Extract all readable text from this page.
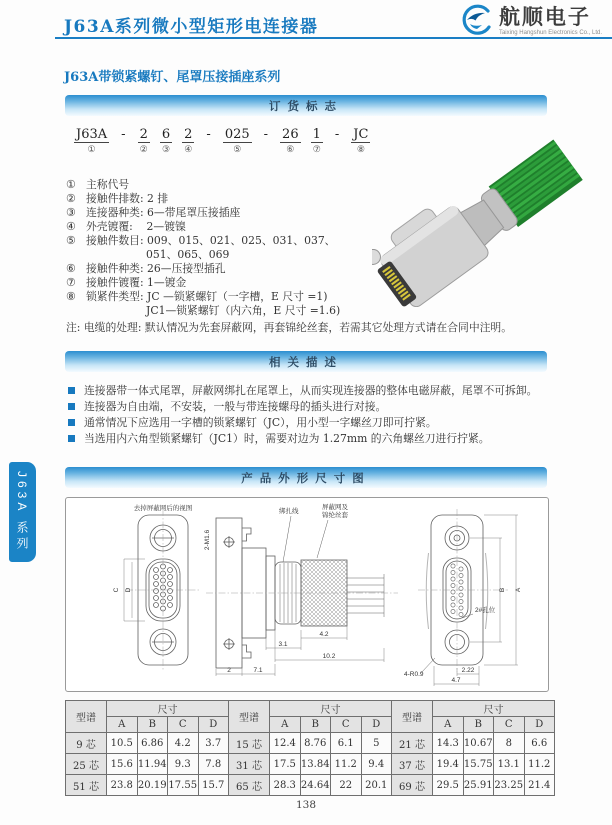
J63A系列微小型矩形电连接器	航顺电子
Taixing Hangshun Electronics Co., Ltd.
J63A带锁紧螺钉、尾罩压接插座系列
订货标志
相关描述
产品外形尺寸图
J63A
①
- 2
②
6
③
2
④
- 025
⑤
- 26
⑥
1
⑦
- JC
⑧
① 主称代号
② 接触件排数: 2 排
③ 连接器种类: 6—带尾罩压接插座
④ 外壳镀覆:    2—镀镍
⑤ 接触件数目: 009、015、021、025、031、037、
051、065、069
⑥ 接触件种类: 26—压接型插孔
⑦ 接触件镀覆: 1—镀金
⑧ 锁紧件类型: JC —锁紧螺钉（一字槽，E 尺寸 =1)
JC1—锁紧螺钉（内六角，E 尺寸 =1.6)
注: 电缆的处理: 默认情况为先套屏蔽网，再套锦纶丝套，若需其它处理方式请在合同中注明。
连接器带一体式尾罩，屏蔽网绑扎在尾罩上，从而实现连接器的整体电磁屏蔽，尾罩不可拆卸。
连接器为自由端，不安装，一般与带连接螺母的插头进行对接。
通常情况下应选用一字槽的锁紧螺钉（JC），用小型一字螺丝刀即可拧紧。
当选用内六角型锁紧螺钉（JC1）时，需要对边为 1.27mm 的六角螺丝刀进行拧紧。
J63A 系列	去掉屏蔽网后的视图
C D
2-M1.6
绑扎线
屏蔽网及
锦纶丝套
3.1
4.2
10.2
2	7.1
B A
2#孔位
4-R0.9
2.22
4.7
型谱	尺寸				型谱	尺寸				型谱	尺寸			
	A	B	C	D		A	B	C	D		A	B	C	D
9 芯	10.5	6.86	4.2	3.7	15 芯	12.4	8.76	6.1	5	21 芯	14.3	10.67	8	6.6
25 芯	15.6	11.94	9.3	7.8	31 芯	17.5	13.84	11.2	9.4	37 芯	19.4	15.75	13.1	11.2
51 芯	23.8	20.19	17.55	15.7	65 芯	28.3	24.64	22	20.1	69 芯	29.5	25.91	23.25	21.4
138
